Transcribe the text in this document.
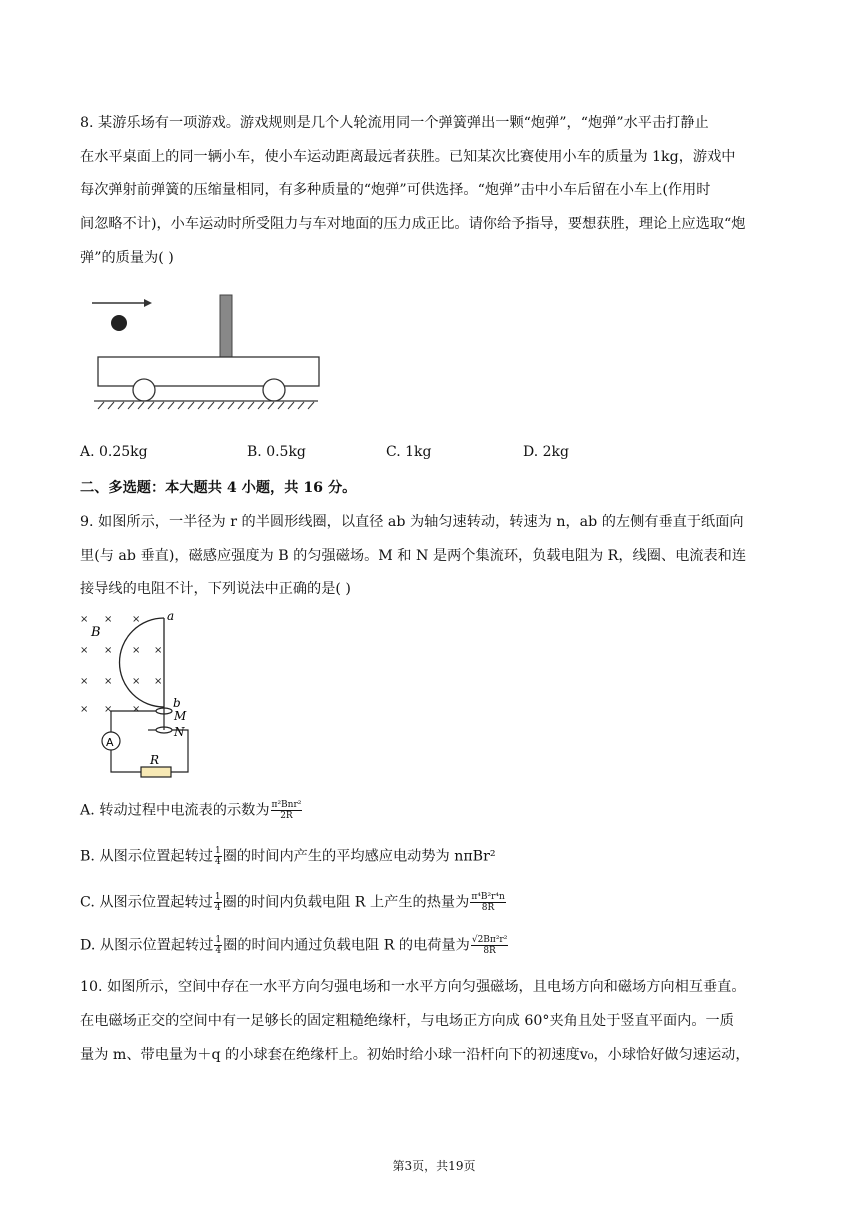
8. 某游乐场有一项游戏。游戏规则是几个人轮流用同一个弹簧弹出一颗“炮弹”，“炮弹”水平击打静止
在水平桌面上的同一辆小车，使小车运动距离最远者获胜。已知某次比赛使用小车的质量为 1kg，游戏中
每次弹射前弹簧的压缩量相同，有多种质量的“炮弹”可供选择。“炮弹”击中小车后留在小车上(作用时
间忽略不计)，小车运动时所受阻力与车对地面的压力成正比。请你给予指导，要想获胜，理论上应选取“炮
弹”的质量为( )
A. 0.25kg	B. 0.5kg	C. 1kg	D. 2kg
二、多选题：本大题共 4 小题，共 16 分。
9. 如图所示，一半径为 r 的半圆形线圈，以直径 ab 为轴匀速转动，转速为 n，ab 的左侧有垂直于纸面向
里(与 ab 垂直)，磁感应强度为 B 的匀强磁场。M 和 N 是两个集流环，负载电阻为 R，线圈、电流表和连
接导线的电阻不计，下列说法中正确的是( )
× × ×
× × × ×
× × × ×
× × ×
B
a
b
M
N
A
R
A. 转动过程中电流表的示数为 $\frac{\text{π²Bnr²}}{2R}$
B. 从图示位置起转过 $\frac{1}{4}$ 圈的时间内产生的平均感应电动势为 nπBr²
C. 从图示位置起转过 $\frac{1}{4}$ 圈的时间内负载电阻 R 上产生的热量为 $\frac{\text{π⁴B²r⁴n}}{8R}$
D. 从图示位置起转过 $\frac{1}{4}$ 圈的时间内通过负载电阻 R 的电荷量为 $\frac{\text{√2Bπ²r²}}{8R}$
10. 如图所示，空间中存在一水平方向匀强电场和一水平方向匀强磁场，且电场方向和磁场方向相互垂直。
在电磁场正交的空间中有一足够长的固定粗糙绝缘杆，与电场正方向成 60°夹角且处于竖直平面内。一质
量为 m、带电量为＋q 的小球套在绝缘杆上。初始时给小球一沿杆向下的初速度v₀，小球恰好做匀速运动，
第3页，共19页
